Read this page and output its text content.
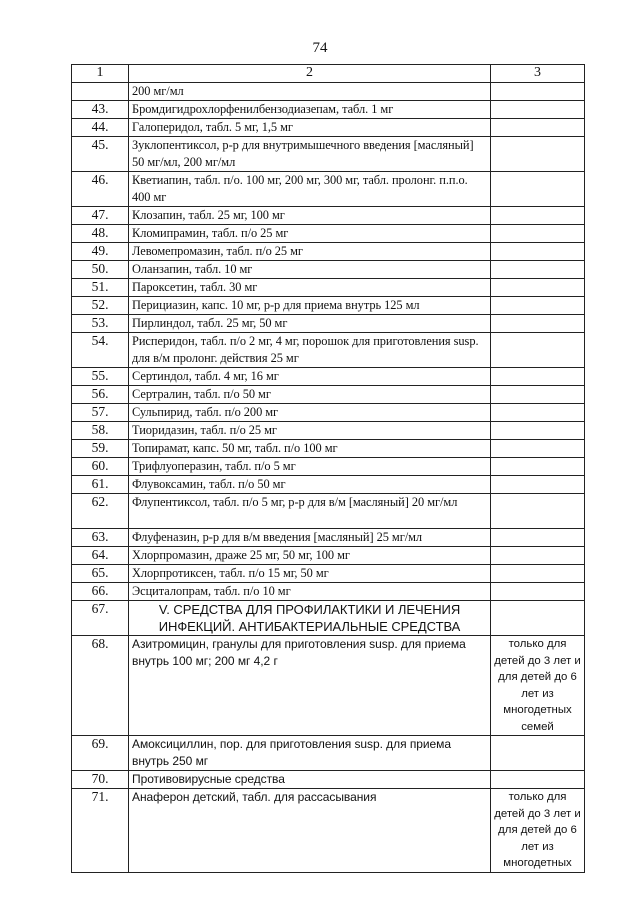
74
1	2	3
	200 мг/мл	
43.	Бромдигидрохлорфенилбензодиазепам, табл. 1 мг	
44.	Галоперидол, табл. 5 мг, 1,5 мг	
45.	Зуклопентиксол, р-р для внутримышечного введения [масляный] 50 мг/мл, 200 мг/мл	
46.	Кветиапин, табл. п/о. 100 мг, 200 мг, 300 мг, табл. пролонг. п.п.о. 400 мг	
47.	Клозапин, табл. 25 мг, 100 мг	
48.	Кломипрамин, табл. п/о 25 мг	
49.	Левомепромазин, табл. п/о 25 мг	
50.	Оланзапин, табл. 10 мг	
51.	Пароксетин, табл. 30 мг	
52.	Перициазин, капс. 10 мг, р-р для приема внутрь 125 мл	
53.	Пирлиндол, табл. 25 мг, 50 мг	
54.	Рисперидон, табл. п/о 2 мг, 4 мг, порошок для приготовления susp. для в/м пролонг. действия 25 мг	
55.	Сертиндол, табл. 4 мг, 16 мг	
56.	Сертралин, табл. п/о 50 мг	
57.	Сульпирид, табл. п/о 200 мг	
58.	Тиоридазин, табл. п/о 25 мг	
59.	Топирамат, капс. 50 мг, табл. п/о 100 мг	
60.	Трифлуоперазин, табл. п/о 5 мг	
61.	Флувоксамин, табл. п/о 50 мг	
62.	Флупентиксол, табл. п/о 5 мг, р-р для в/м [масляный] 20 мг/мл	
63.	Флуфеназин, р-р для в/м введения [масляный] 25 мг/мл	
64.	Хлорпромазин, драже 25 мг, 50 мг, 100 мг	
65.	Хлорпротиксен, табл. п/о 15 мг, 50 мг	
66.	Эсциталопрам, табл. п/о 10 мг	
67.	V. СРЕДСТВА ДЛЯ ПРОФИЛАКТИКИ И ЛЕЧЕНИЯ ИНФЕКЦИЙ. АНТИБАКТЕРИАЛЬНЫЕ СРЕДСТВА	
68.	Азитромицин, гранулы для приготовления susp. для приема внутрь 100 мг; 200 мг 4,2 г	только для детей до 3 лет и для детей до 6 лет из многодетных семей
69.	Амоксициллин, пор. для приготовления susp. для приема внутрь 250 мг	
70.	Противовирусные средства	
71.	Анаферон детский, табл. для рассасывания	только для детей до 3 лет и для детей до 6 лет из многодетных
